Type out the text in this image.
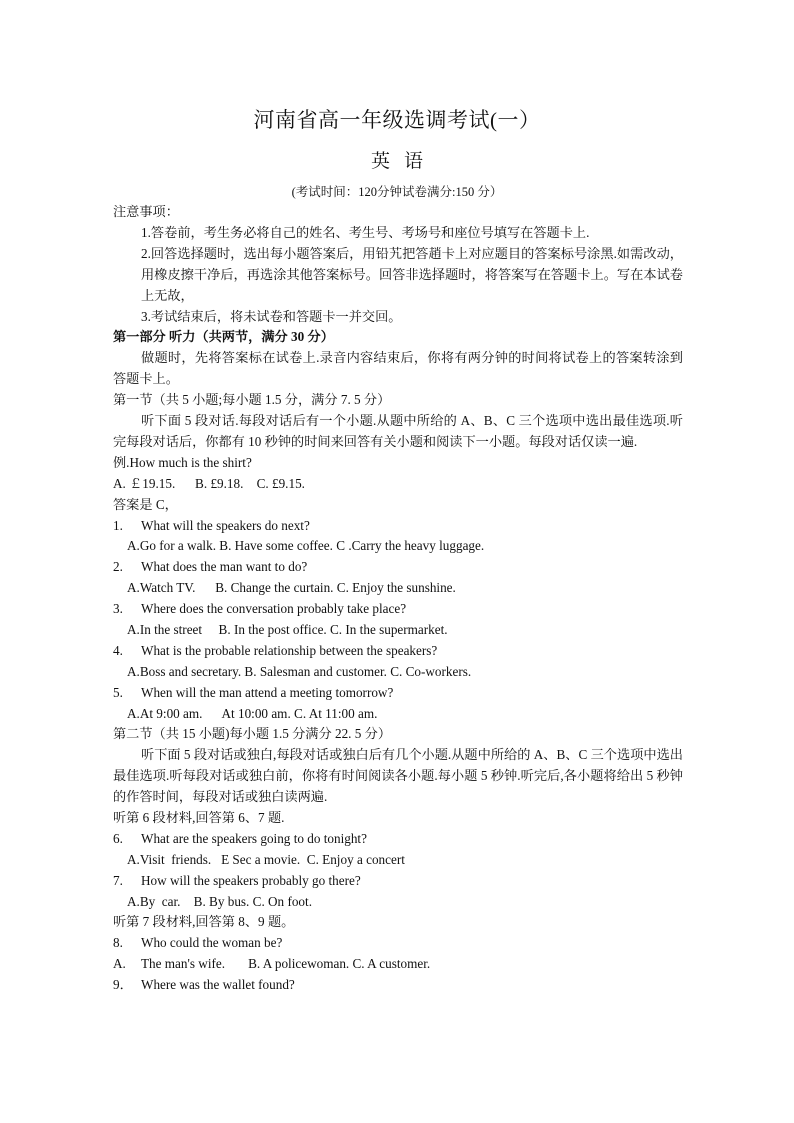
河南省高一年级选调考试(一）
英 语
(考试时间：120分钟试卷满分:150 分）
注意事项：
1.答卷前，考生务必将自己的姓名、考生号、考场号和座位号填写在答题卡上.
2.回答选择题时，选出每小题答案后，用铅艽把答趙卡上对应题目的答案标号涂黑.如需改动，用橡皮擦干净后，再选涂其他答案标号。回答非选择题时，将答案写在答题卡上。写在本试卷上无故，
3.考试结束后，将未试卷和答题卡一并交回。
第一部分 听力（共两节，满分 30 分）
做题时，先将答案标在试卷上.录音内容结束后，你将有两分钟的时间将试卷上的答案转涂到答题卡上。
第一节（共 5 小题;每小题 1.5 分，满分 7. 5 分）
听下面 5 段对话.每段对话后有一个小题.从题中所给的 A、B、C 三个选项中选出最佳选项.听完每段对话后，你都有 10 秒钟的时间来回答有关小题和阅读下一小题。每段对话仅读一遍.
例.How much is the shirt?
A. ￡19.15.      B. £9.18.    C. £9.15.
答案是 C，
1. What will the speakers do next?
A.Go for a walk. B. Have some coffee. C .Carry the heavy luggage.
2. What does the man want to do?
A.Watch TV.      B. Change the curtain. C. Enjoy the sunshine.
3. Where does the conversation probably take place?
A.In the street     B. In the post office. C. In the supermarket.
4. What is the probable relationship between the speakers?
A.Boss and secretary. B. Salesman and customer. C. Co-workers.
5. When will the man attend a meeting tomorrow?
A.At 9:00 am.      At 10:00 am. C. At 11:00 am.
第二节（共 15 小题)每小题 1.5 分满分 22. 5 分）
听下面 5 段对话或独白,每段对话或独白后有几个小题.从题中所给的 A、B、C 三个选项中选出最佳选项.听每段对话或独白前，你将有时间阅读各小题.每小题 5 秒钟.听完后,各小题将给出 5 秒钟的作答时间，每段对话或独白读两遍.
听第 6 段材料,回答第 6、7 题.
6. What are the speakers going to do tonight?
A.Visit  friends.   E Sec a movie.  C. Enjoy a concert
7. How will the speakers probably go there?
A.By  car.    B. By bus. C. On foot.
听第 7 段材料,回答第 8、9 题。
8. Who could the woman be?
A. The man's wife.       B. A policewoman. C. A customer.
9． Where was the wallet found?
